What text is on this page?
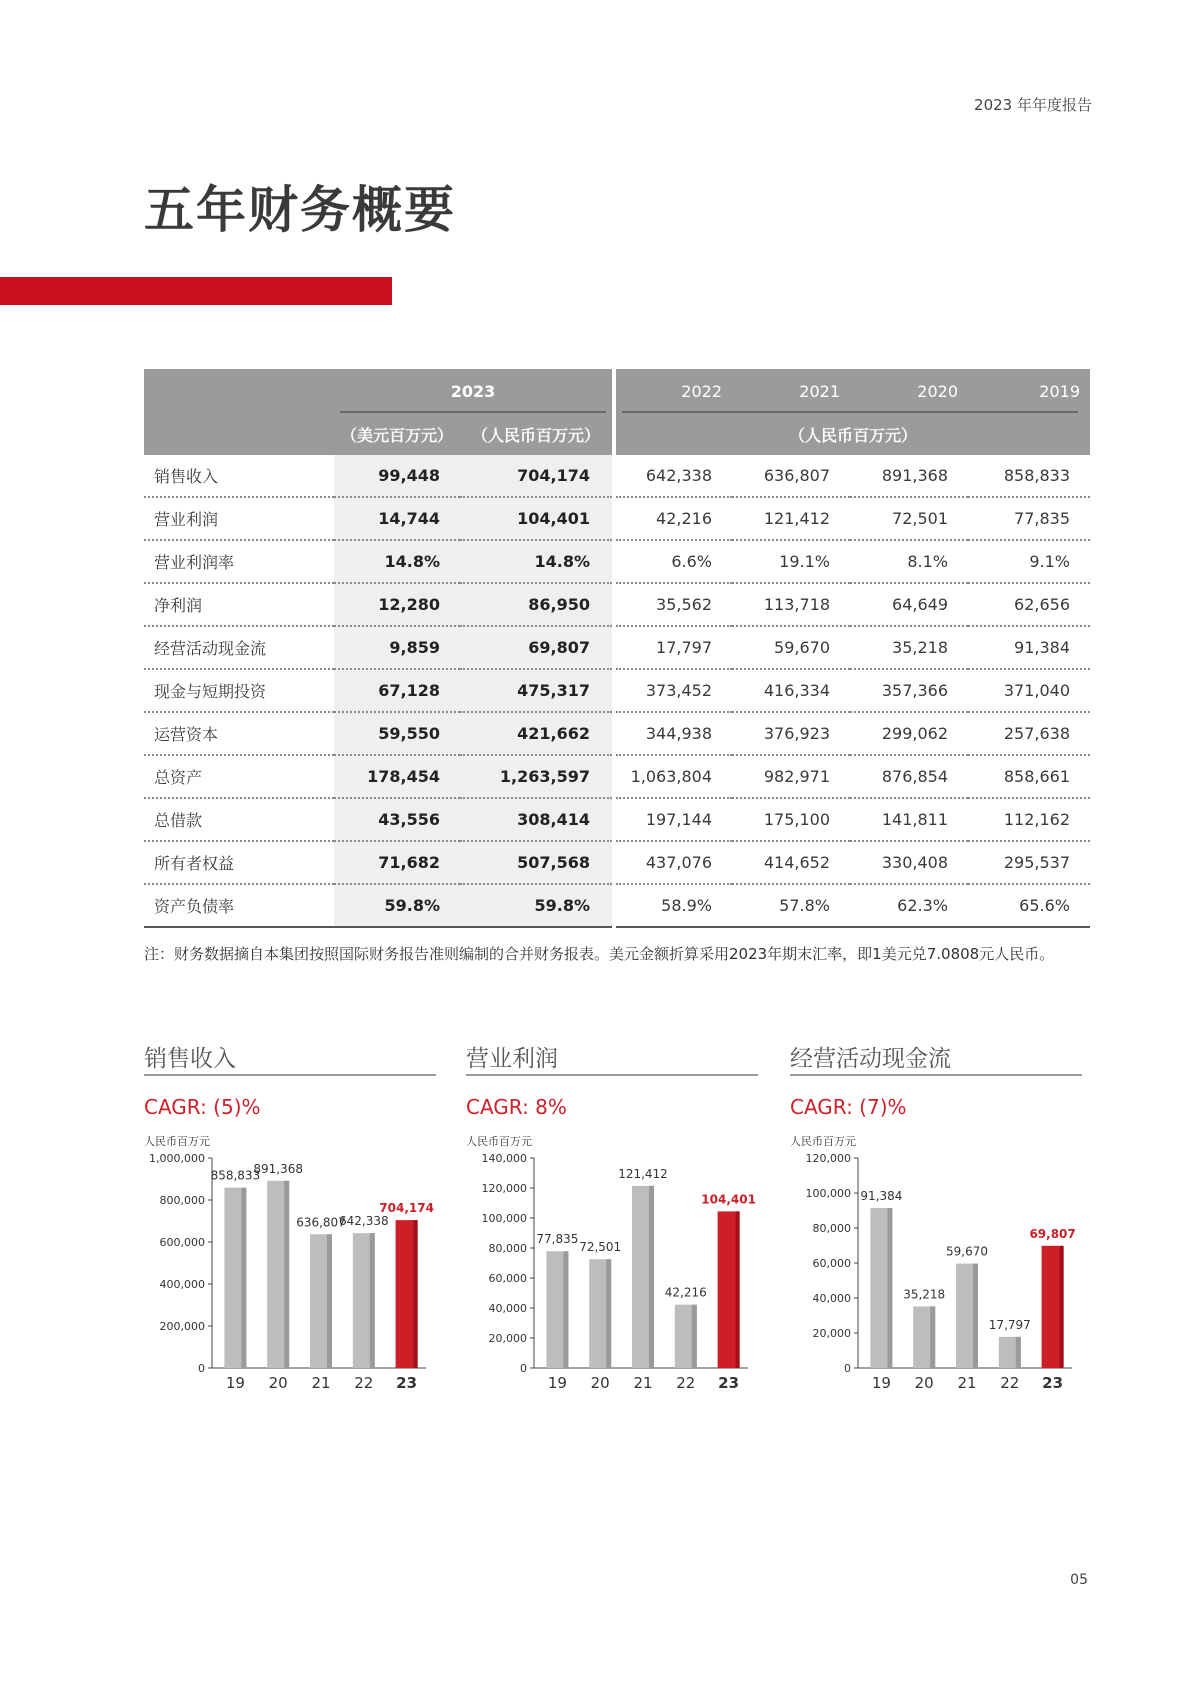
2023 年年度报告
五年财务概要
	2023		2022	2021	2020	2019
	（美元百万元）	（人民币百万元）	（人民币百万元）			
销售收入	99,448	704,174	642,338	636,807	891,368	858,833
营业利润	14,744	104,401	42,216	121,412	72,501	77,835
营业利润率	14.8%	14.8%	6.6%	19.1%	8.1%	9.1%
净利润	12,280	86,950	35,562	113,718	64,649	62,656
经营活动现金流	9,859	69,807	17,797	59,670	35,218	91,384
现金与短期投资	67,128	475,317	373,452	416,334	357,366	371,040
运营资本	59,550	421,662	344,938	376,923	299,062	257,638
总资产	178,454	1,263,597	1,063,804	982,971	876,854	858,661
总借款	43,556	308,414	197,144	175,100	141,811	112,162
所有者权益	71,682	507,568	437,076	414,652	330,408	295,537
资产负债率	59.8%	59.8%	58.9%	57.8%	62.3%	65.6%
注：财务数据摘自本集团按照国际财务报告准则编制的合并财务报表。美元金额折算采用2023年期末汇率，即1美元兑7.0808元人民币。
销售收入
CAGR: (5)%
人民币百万元
0
200,000
400,000
600,000
800,000
1,000,000
858,833
19
891,368
20
636,807
21
642,338
22
704,174
23
营业利润
CAGR: 8%
人民币百万元
0
20,000
40,000
60,000
80,000
100,000
120,000
140,000
77,835
19
72,501
20
121,412
21
42,216
22
104,401
23
经营活动现金流
CAGR: (7)%
人民币百万元
0
20,000
40,000
60,000
80,000
100,000
120,000
91,384
19
35,218
20
59,670
21
17,797
22
69,807
23
05
